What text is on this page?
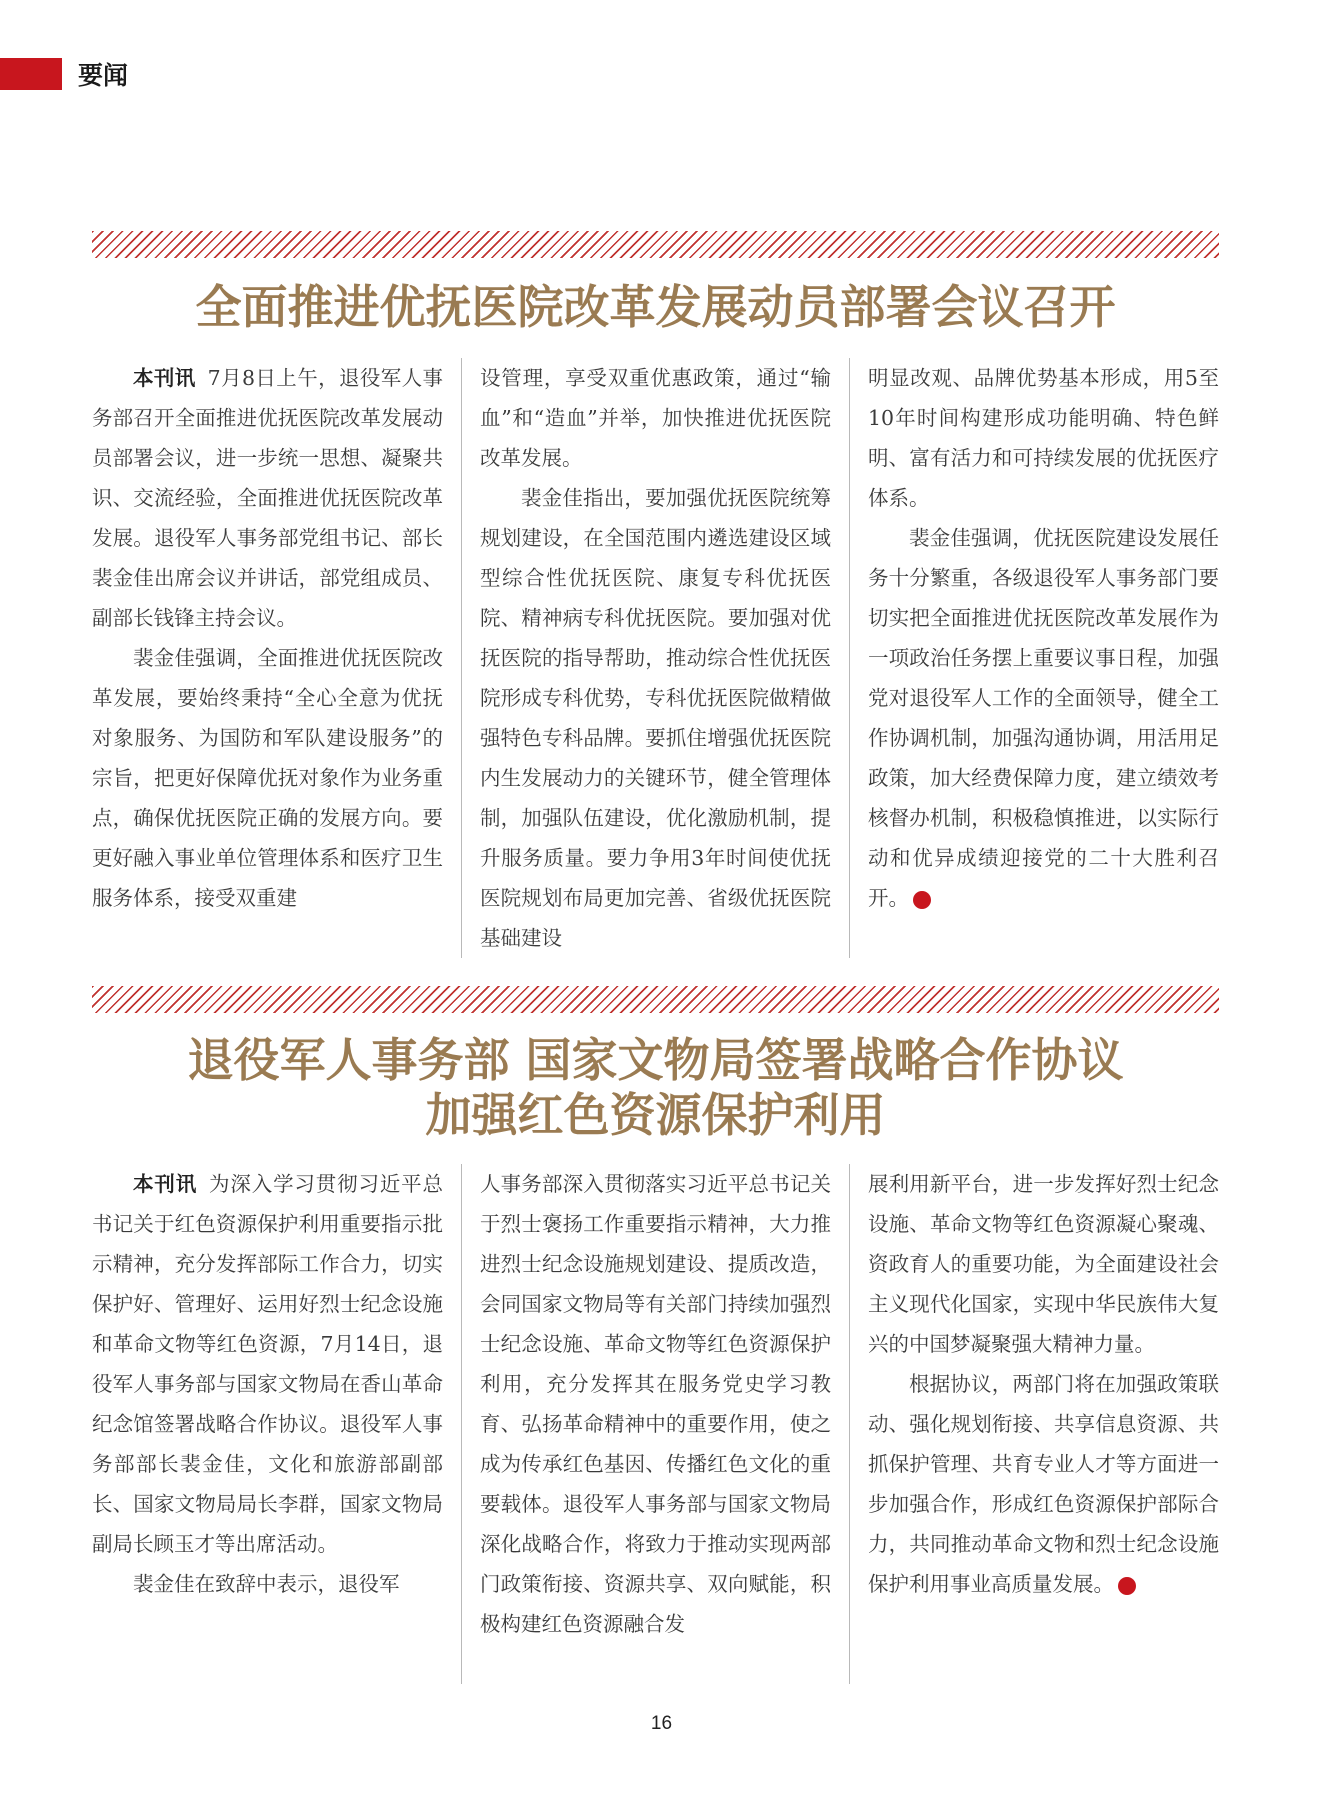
要闻
全面推进优抚医院改革发展动员部署会议召开

本刊讯 7月8日上午，退役军人事务部召开全面推进优抚医院改革发展动员部署会议，进一步统一思想、凝聚共识、交流经验，全面推进优抚医院改革发展。退役军人事务部党组书记、部长裴金佳出席会议并讲话，部党组成员、副部长钱锋主持会议。

裴金佳强调，全面推进优抚医院改革发展，要始终秉持“全心全意为优抚对象服务、为国防和军队建设服务”的宗旨，把更好保障优抚对象作为业务重点，确保优抚医院正确的发展方向。要更好融入事业单位管理体系和医疗卫生服务体系，接受双重建

设管理，享受双重优惠政策，通过“输血”和“造血”并举，加快推进优抚医院改革发展。

裴金佳指出，要加强优抚医院统筹规划建设，在全国范围内遴选建设区域型综合性优抚医院、康复专科优抚医院、精神病专科优抚医院。要加强对优抚医院的指导帮助，推动综合性优抚医院形成专科优势，专科优抚医院做精做强特色专科品牌。要抓住增强优抚医院内生发展动力的关键环节，健全管理体制，加强队伍建设，优化激励机制，提升服务质量。要力争用3年时间使优抚医院规划布局更加完善、省级优抚医院基础建设

明显改观、品牌优势基本形成，用5至10年时间构建形成功能明确、特色鲜明、富有活力和可持续发展的优抚医疗体系。

裴金佳强调，优抚医院建设发展任务十分繁重，各级退役军人事务部门要切实把全面推进优抚医院改革发展作为一项政治任务摆上重要议事日程，加强党对退役军人工作的全面领导，健全工作协调机制，加强沟通协调，用活用足政策，加大经费保障力度，建立绩效考核督办机制，积极稳慎推进，以实际行动和优异成绩迎接党的二十大胜利召开。	V

退役军人事务部 国家文物局签署战略合作协议
加强红色资源保护利用

本刊讯 为深入学习贯彻习近平总书记关于红色资源保护利用重要指示批示精神，充分发挥部际工作合力，切实保护好、管理好、运用好烈士纪念设施和革命文物等红色资源，7月14日，退役军人事务部与国家文物局在香山革命纪念馆签署战略合作协议。退役军人事务部部长裴金佳，文化和旅游部副部长、国家文物局局长李群，国家文物局副局长顾玉才等出席活动。

裴金佳在致辞中表示，退役军

人事务部深入贯彻落实习近平总书记关于烈士褒扬工作重要指示精神，大力推进烈士纪念设施规划建设、提质改造，会同国家文物局等有关部门持续加强烈士纪念设施、革命文物等红色资源保护利用，充分发挥其在服务党史学习教育、弘扬革命精神中的重要作用，使之成为传承红色基因、传播红色文化的重要载体。退役军人事务部与国家文物局深化战略合作，将致力于推动实现两部门政策衔接、资源共享、双向赋能，积极构建红色资源融合发

展利用新平台，进一步发挥好烈士纪念设施、革命文物等红色资源凝心聚魂、资政育人的重要功能，为全面建设社会主义现代化国家，实现中华民族伟大复兴的中国梦凝聚强大精神力量。

根据协议，两部门将在加强政策联动、强化规划衔接、共享信息资源、共抓保护管理、共育专业人才等方面进一步加强合作，形成红色资源保护部际合力，共同推动革命文物和烈士纪念设施保护利用事业高质量发展。	V

16
